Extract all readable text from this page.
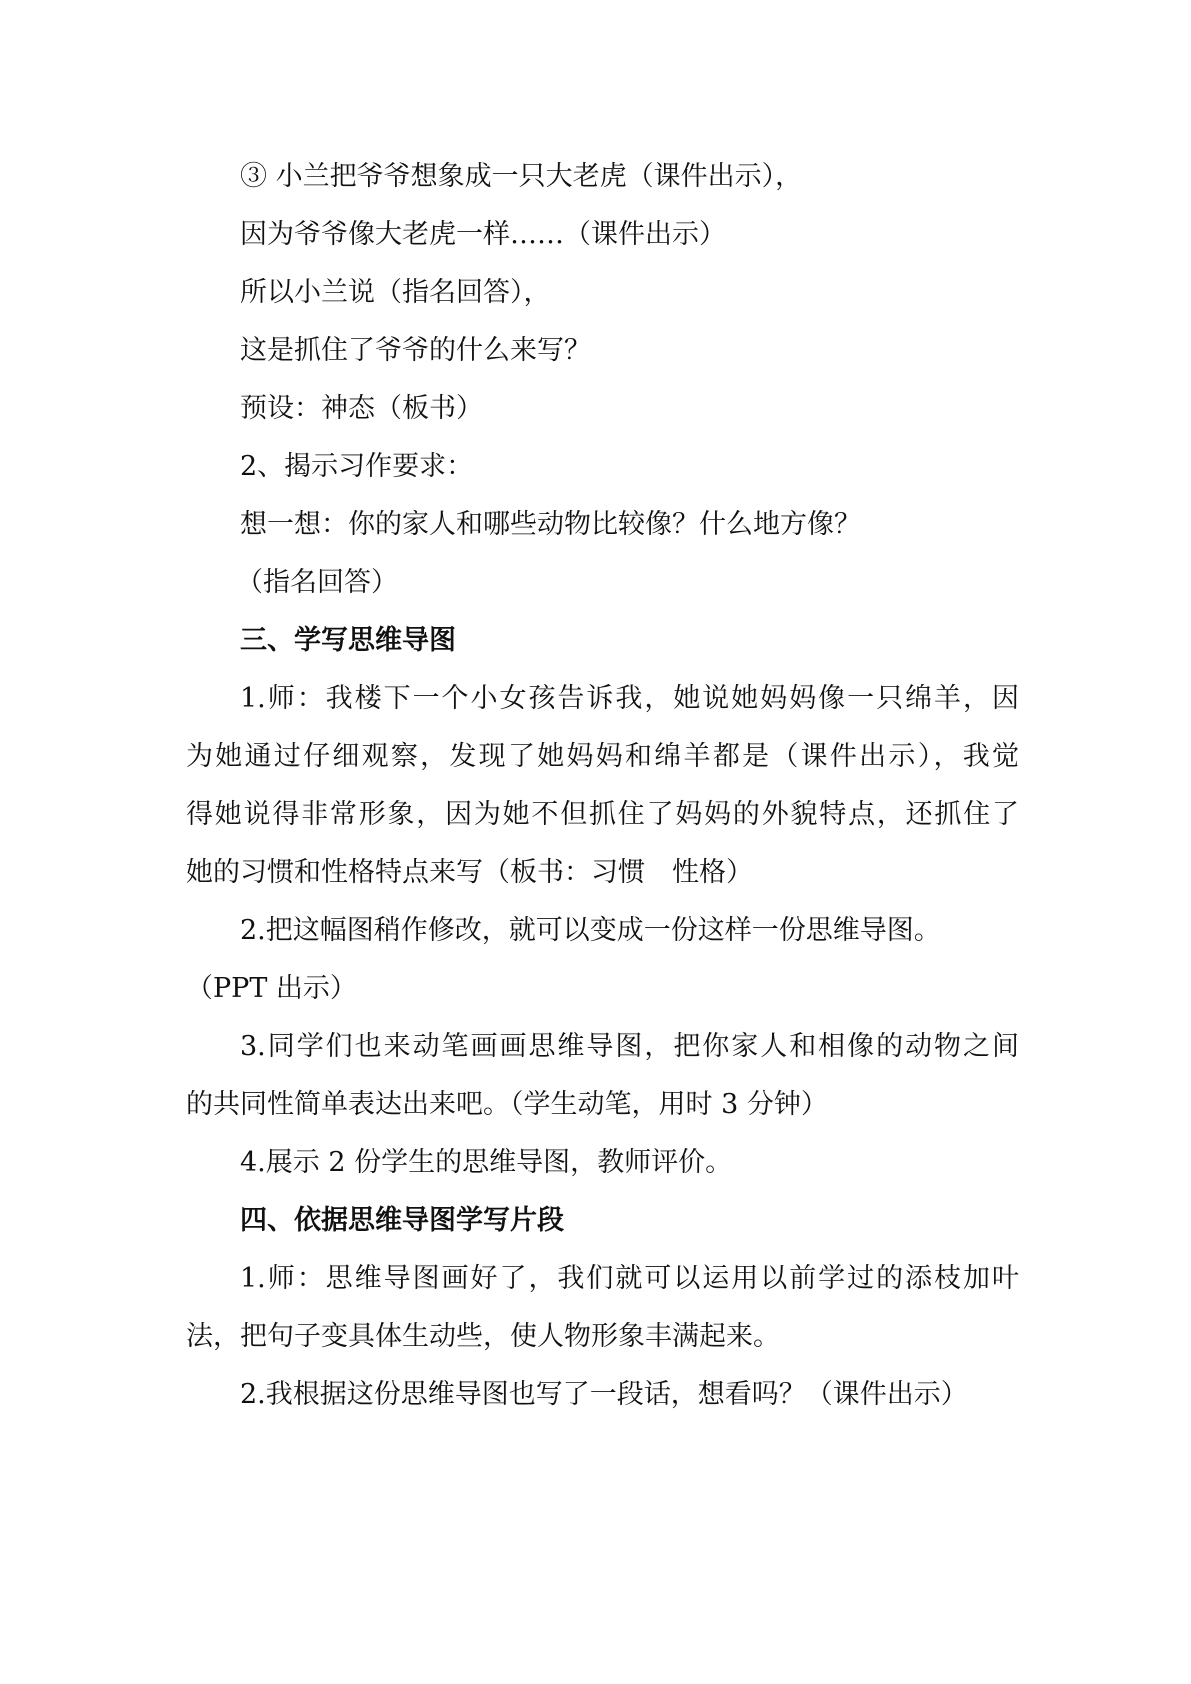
③ 小兰把爷爷想象成一只大老虎（课件出示），
因为爷爷像大老虎一样……（课件出示）
所以小兰说（指名回答），
这是抓住了爷爷的什么来写？
预设：神态（板书）
2、揭示习作要求：
想一想：你的家人和哪些动物比较像？什么地方像？
（指名回答）
三、学写思维导图
1.师：我楼下一个小女孩告诉我，她说她妈妈像一只绵羊，因
为她通过仔细观察，发现了她妈妈和绵羊都是（课件出示），我觉
得她说得非常形象，因为她不但抓住了妈妈的外貌特点，还抓住了
她的习惯和性格特点来写（板书：习惯　性格）
2.把这幅图稍作修改，就可以变成一份这样一份思维导图。
（PPT 出示）
3.同学们也来动笔画画思维导图，把你家人和相像的动物之间
的共同性简单表达出来吧。（学生动笔，用时 3 分钟）
4.展示 2 份学生的思维导图，教师评价。
四、依据思维导图学写片段
1.师：思维导图画好了，我们就可以运用以前学过的添枝加叶
法，把句子变具体生动些，使人物形象丰满起来。
2.我根据这份思维导图也写了一段话，想看吗？（课件出示）
